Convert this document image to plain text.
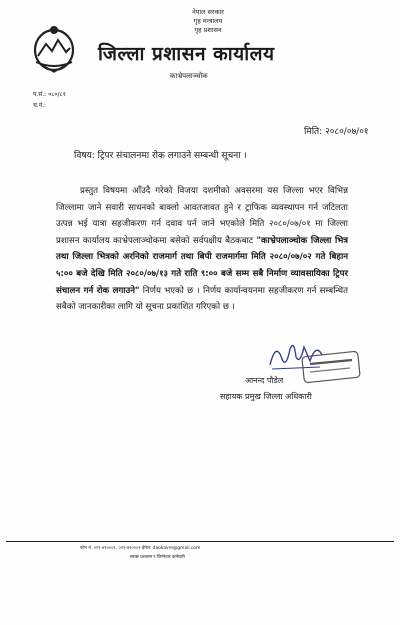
नेपाल सरकार
गृह मन्त्रालय
गृह प्रशासन
जिल्ला प्रशासन कार्यालय
काभ्रेपलाञ्चोक
प.सं.: ०८०/८१
च.नं.:
मिति: २०८०/०७/०१
विषय: ट्रिपर संचालनमा रोक लगाउने सम्बन्धी सूचना ।
प्रस्तुत विषयमा आँउदै गरेको विजया दशमीको अवसरमा यस जिल्ला भएर विभिन्न जिल्लामा जाने सवारी साधनको बाक्लो आवतजावत हुने र ट्राफिक व्यवस्थापन गर्न जटिलता उत्पन्न भई यात्रा सहजीकरण गर्न दवाव पर्न जाने भएकोले मिति २०८०/०७/०१ मा जिल्ला प्रशासन कार्यालय काभ्रेपलाञ्चोकमा बसेको सर्वपक्षीय बैठकबाट "काभ्रेपलाञ्चोक जिल्ला भित्र तथा जिल्ला भित्रको अरनिको राजमार्ग तथा बिपी राजमार्गमा मिति २०८०/०७/०२ गते बिहान ५:०० बजे देखि मिति २०८०/०७/१३ गते राति ९:०० बजे सम्म सबै निर्माण व्यावसायिका ट्रिपर संचालन गर्न रोक लगाउने" निर्णय भएको छ । निर्णय कार्यान्वयनमा सहजीकरण गर्न सम्बन्धित सबैको जानकारीका लागि यो सूचना प्रकाशित गरिएको छ ।
आनन्द पौडेल
सहायक प्रमुख जिल्ला अधिकारी
फोन नं. ०११-४९०००१, ०११-४९०००२ ईमेल: daokavre@gmail.com
स्वच्छ प्रशासन र जिम्मेवार कर्मचारी
